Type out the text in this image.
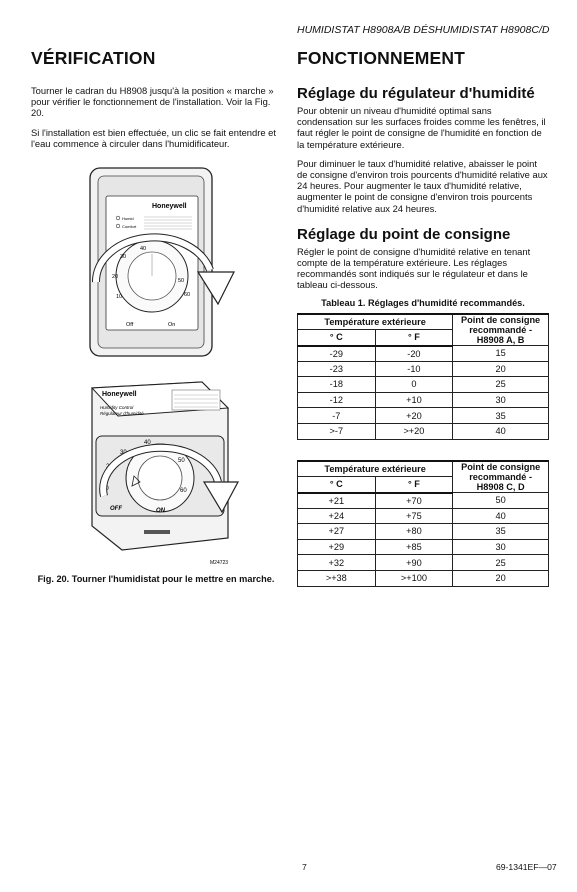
HUMIDISTAT H8908A/B DÉSHUMIDISTAT H8908C/D
VÉRIFICATION

Tourner le cadran du H8908 jusqu'à la position « marche » pour vérifier le fonctionnement de l'installation. Voir la Fig. 20.

Si l'installation est bien effectuée, un clic se fait entendre et l'eau commence à circuler dans l'humidificateur.

Honeywell
Humid
Comfort
40
30
20
10
50
60
Off	On
Honeywell
Humidity Control
Régulateur d'humidité
40
30
20
10
50
60
OFF	ON
M24723
Fig. 20. Tourner l'humidistat pour le mettre en marche.
FONCTIONNEMENT
Réglage du régulateur d'humidité

Pour obtenir un niveau d'humidité optimal sans condensation sur les surfaces froides comme les fenêtres, il faut régler le point de consigne de l'humidité en fonction de la température extérieure.

Pour diminuer le taux d'humidité relative, abaisser le point de consigne d'environ trois pourcents d'humidité relative aux 24 heures. Pour augmenter le taux d'humidité relative, augmenter le point de consigne d'environ trois pourcents d'humidité relative aux 24 heures.

Réglage du point de consigne

Régler le point de consigne d'humidité relative en tenant compte de la température extérieure. Les réglages recommandés sont indiqués sur le régulateur et dans le tableau ci-dessous.

Tableau 1. Réglages d'humidité recommandés.
Température extérieure		Point de consigne recommandé - H8908 A, B
° C	° F	
-29	-20	15
-23	-10	20
-18	0	25
-12	+10	30
-7	+20	35
>-7	>+20	40
Température extérieure		Point de consigne recommandé - H8908 C, D
° C	° F	
+21	+70	50
+24	+75	40
+27	+80	35
+29	+85	30
+32	+90	25
>+38	>+100	20
7	69-1341EF—07
